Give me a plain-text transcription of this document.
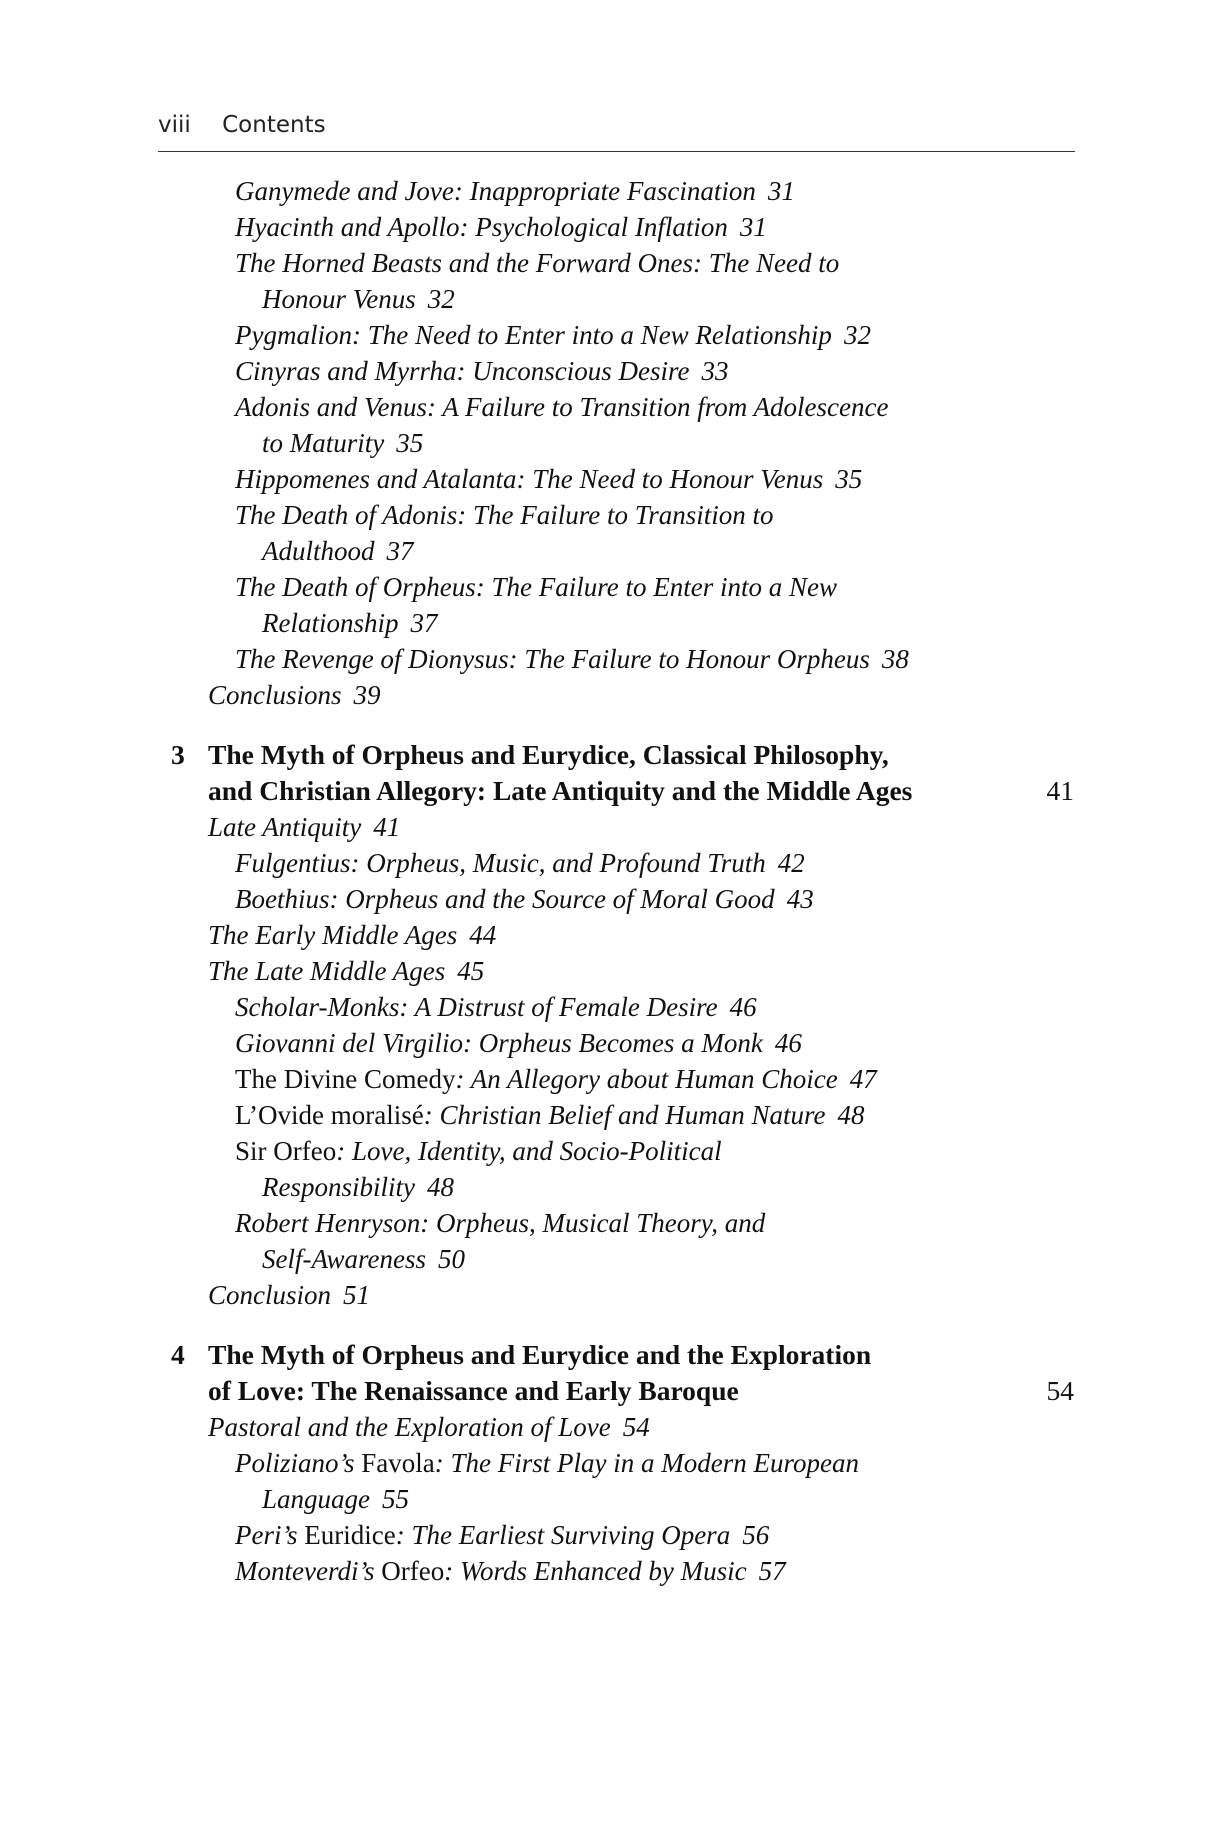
viii Contents
Ganymede and Jove: Inappropriate Fascination 31
Hyacinth and Apollo: Psychological Inflation 31
The Horned Beasts and the Forward Ones: The Need to
Honour Venus 32
Pygmalion: The Need to Enter into a New Relationship 32
Cinyras and Myrrha: Unconscious Desire 33
Adonis and Venus: A Failure to Transition from Adolescence
to Maturity 35
Hippomenes and Atalanta: The Need to Honour Venus 35
The Death of Adonis: The Failure to Transition to
Adulthood 37
The Death of Orpheus: The Failure to Enter into a New
Relationship 37
The Revenge of Dionysus: The Failure to Honour Orpheus 38
Conclusions 39
3 The Myth of Orpheus and Eurydice, Classical Philosophy,
and Christian Allegory: Late Antiquity and the Middle Ages	41
Late Antiquity 41
Fulgentius: Orpheus, Music, and Profound Truth 42
Boethius: Orpheus and the Source of Moral Good 43
The Early Middle Ages 44
The Late Middle Ages 45
Scholar-Monks: A Distrust of Female Desire 46
Giovanni del Virgilio: Orpheus Becomes a Monk 46
The Divine Comedy: An Allegory about Human Choice 47
L’Ovide moralisé: Christian Belief and Human Nature 48
Sir Orfeo: Love, Identity, and Socio-Political
Responsibility 48
Robert Henryson: Orpheus, Musical Theory, and
Self-Awareness 50
Conclusion 51
4 The Myth of Orpheus and Eurydice and the Exploration
of Love: The Renaissance and Early Baroque	54
Pastoral and the Exploration of Love 54
Poliziano’s Favola: The First Play in a Modern European
Language 55
Peri’s Euridice: The Earliest Surviving Opera 56
Monteverdi’s Orfeo: Words Enhanced by Music 57
